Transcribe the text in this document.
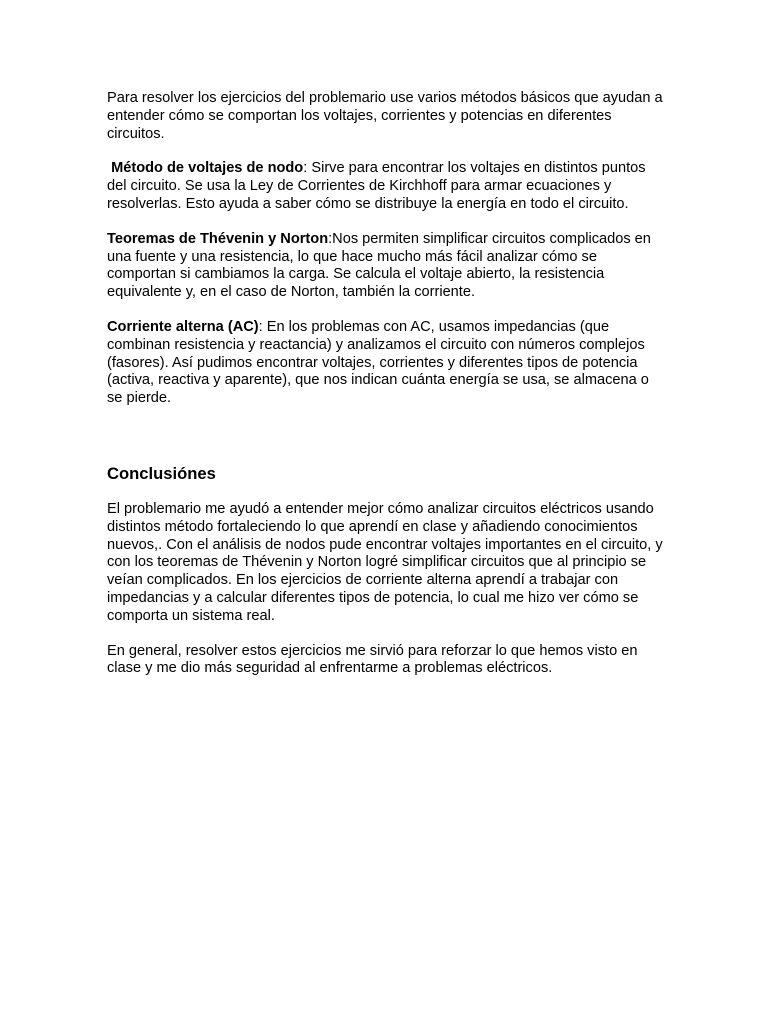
Para resolver los ejercicios del problemario use varios métodos básicos que ayudan a entender cómo se comportan los voltajes, corrientes y potencias en diferentes circuitos.

Método de voltajes de nodo: Sirve para encontrar los voltajes en distintos puntos del circuito. Se usa la Ley de Corrientes de Kirchhoff para armar ecuaciones y resolverlas. Esto ayuda a saber cómo se distribuye la energía en todo el circuito.

Teoremas de Thévenin y Norton:Nos permiten simplificar circuitos complicados en una fuente y una resistencia, lo que hace mucho más fácil analizar cómo se comportan si cambiamos la carga. Se calcula el voltaje abierto, la resistencia equivalente y, en el caso de Norton, también la corriente.

Corriente alterna (AC): En los problemas con AC, usamos impedancias (que combinan resistencia y reactancia) y analizamos el circuito con números complejos (fasores). Así pudimos encontrar voltajes, corrientes y diferentes tipos de potencia (activa, reactiva y aparente), que nos indican cuánta energía se usa, se almacena o se pierde.

Conclusiónes

El problemario me ayudó a entender mejor cómo analizar circuitos eléctricos usando distintos método fortaleciendo lo que aprendí en clase y añadiendo conocimientos nuevos,. Con el análisis de nodos pude encontrar voltajes importantes en el circuito, y con los teoremas de Thévenin y Norton logré simplificar circuitos que al principio se veían complicados. En los ejercicios de corriente alterna aprendí a trabajar con impedancias y a calcular diferentes tipos de potencia, lo cual me hizo ver cómo se comporta un sistema real.

En general, resolver estos ejercicios me sirvió para reforzar lo que hemos visto en clase y me dio más seguridad al enfrentarme a problemas eléctricos.
